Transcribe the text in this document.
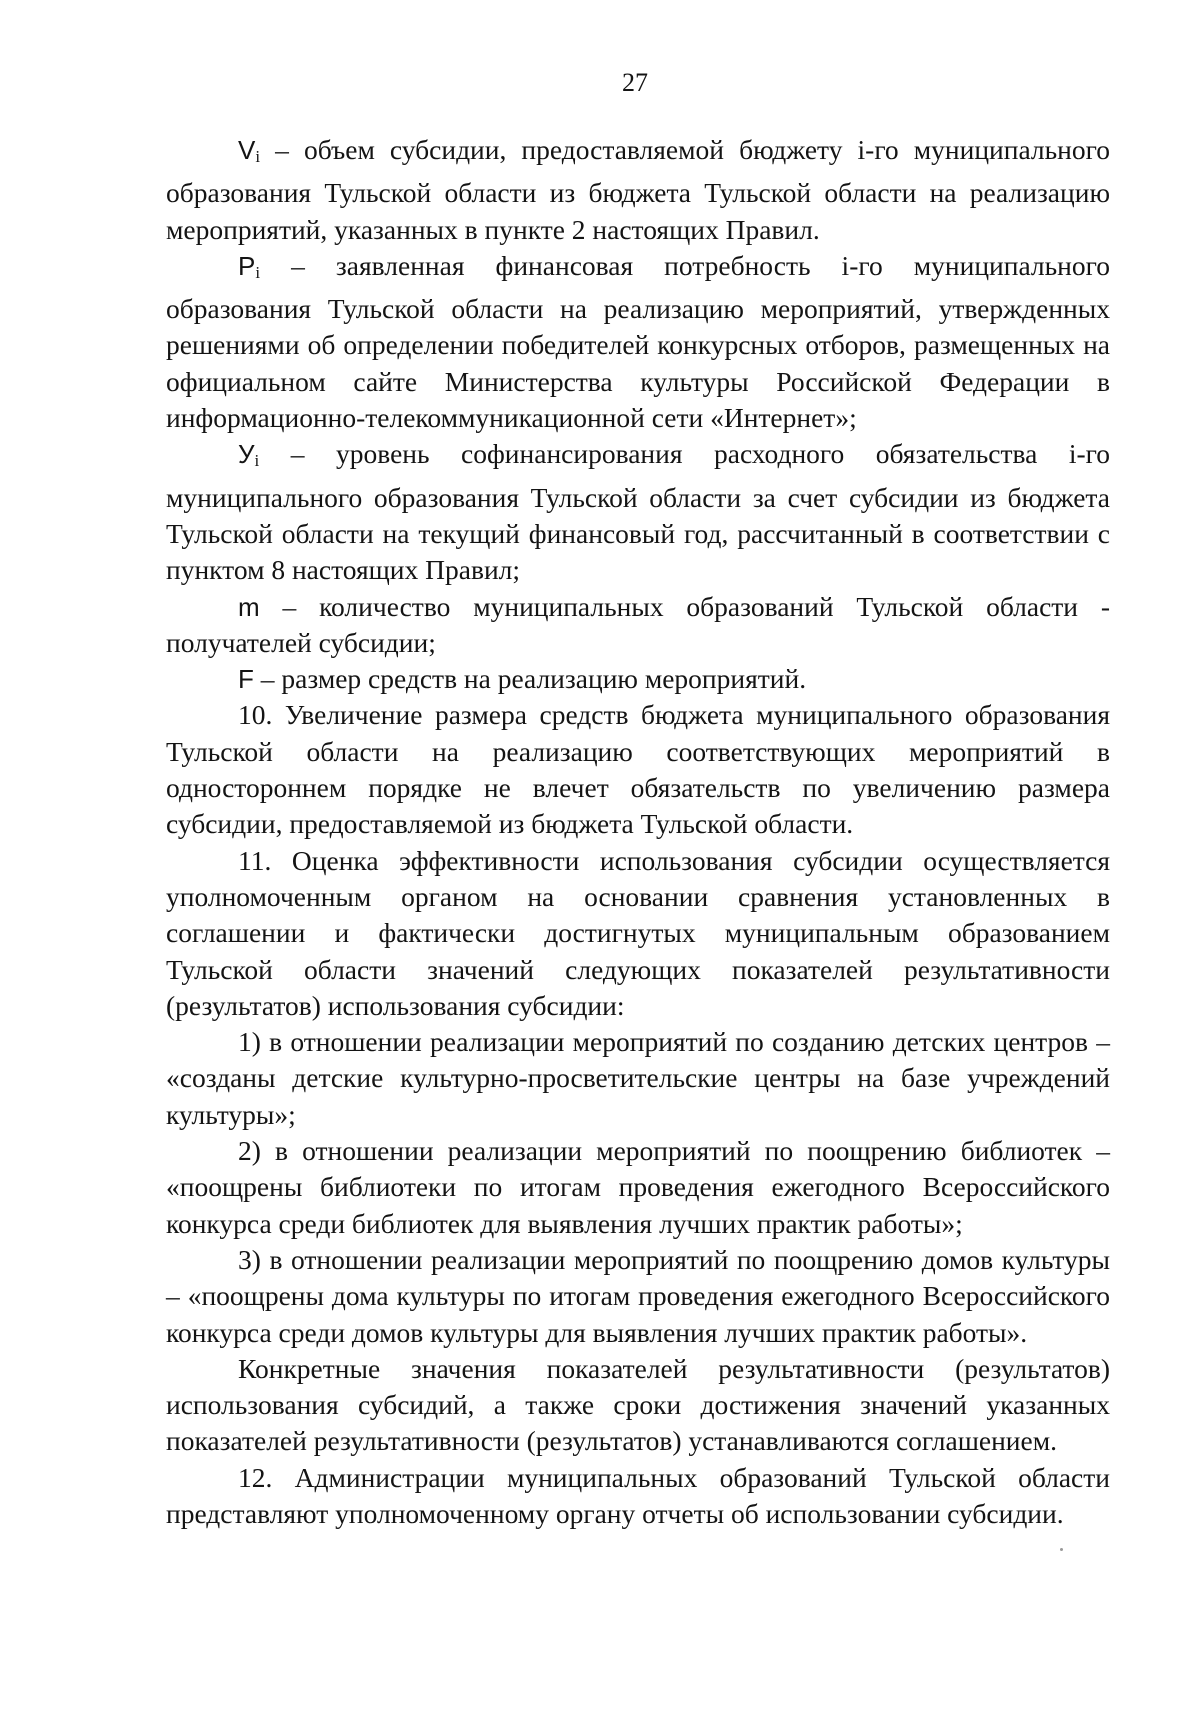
27

Vi – объем субсидии, предоставляемой бюджету i-го муниципального образования Тульской области из бюджета Тульской области на реализацию мероприятий, указанных в пункте 2 настоящих Правил.

Pi – заявленная финансовая потребность i-го муниципального образования Тульской области на реализацию мероприятий, утвержденных решениями об определении победителей конкурсных отборов, размещенных на официальном сайте Министерства культуры Российской Федерации в информационно-телекоммуникационной сети «Интернет»;

Уi – уровень софинансирования расходного обязательства i-го муниципального образования Тульской области за счет субсидии из бюджета Тульской области на текущий финансовый год, рассчитанный в соответствии с пунктом 8 настоящих Правил;

m – количество муниципальных образований Тульской области - получателей субсидии;

F – размер средств на реализацию мероприятий.

10. Увеличение размера средств бюджета муниципального образования Тульской области на реализацию соответствующих мероприятий в одностороннем порядке не влечет обязательств по увеличению размера субсидии, предоставляемой из бюджета Тульской области.

11. Оценка эффективности использования субсидии осуществляется уполномоченным органом на основании сравнения установленных в соглашении и фактически достигнутых муниципальным образованием Тульской области значений следующих показателей результативности (результатов) использования субсидии:

1) в отношении реализации мероприятий по созданию детских центров – «созданы детские культурно-просветительские центры на базе учреждений культуры»;

2) в отношении реализации мероприятий по поощрению библиотек – «поощрены библиотеки по итогам проведения ежегодного Всероссийского конкурса среди библиотек для выявления лучших практик работы»;

3) в отношении реализации мероприятий по поощрению домов культуры – «поощрены дома культуры по итогам проведения ежегодного Всероссийского конкурса среди домов культуры для выявления лучших практик работы».

Конкретные значения показателей результативности (результатов) использования субсидий, а также сроки достижения значений указанных показателей результативности (результатов) устанавливаются соглашением.

12. Администрации муниципальных образований Тульской области представляют уполномоченному органу отчеты об использовании субсидии.
